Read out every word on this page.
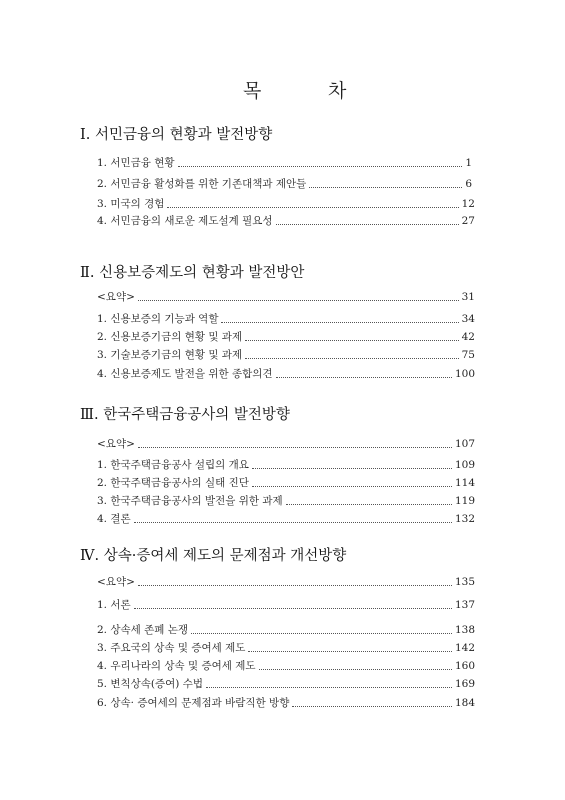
목	차
I. 서민금융의 현황과 발전방향
1. 서민금융 현황	1
2. 서민금융 활성화를 위한 기존대책과 제안들	6
3. 미국의 경험	12
4. 서민금융의 새로운 제도설계 필요성	27
Ⅱ. 신용보증제도의 현황과 발전방안
<요약>	31
1. 신용보증의 기능과 역할	34
2. 신용보증기금의 현황 및 과제	42
3. 기술보증기금의 현황 및 과제	75
4. 신용보증제도 발전을 위한 종합의견	100
Ⅲ. 한국주택금융공사의 발전방향
<요약>	107
1. 한국주택금융공사 설립의 개요	109
2. 한국주택금융공사의 실태 진단	114
3. 한국주택금융공사의 발전을 위한 과제	119
4. 결론	132
Ⅳ. 상속·증여세 제도의 문제점과 개선방향
<요약>	135
1. 서론	137
2. 상속세 존폐 논쟁	138
3. 주요국의 상속 및 증여세 제도	142
4. 우리나라의 상속 및 증여세 제도	160
5. 변칙상속(증여) 수법	169
6. 상속· 증여세의 문제점과 바람직한 방향	184
